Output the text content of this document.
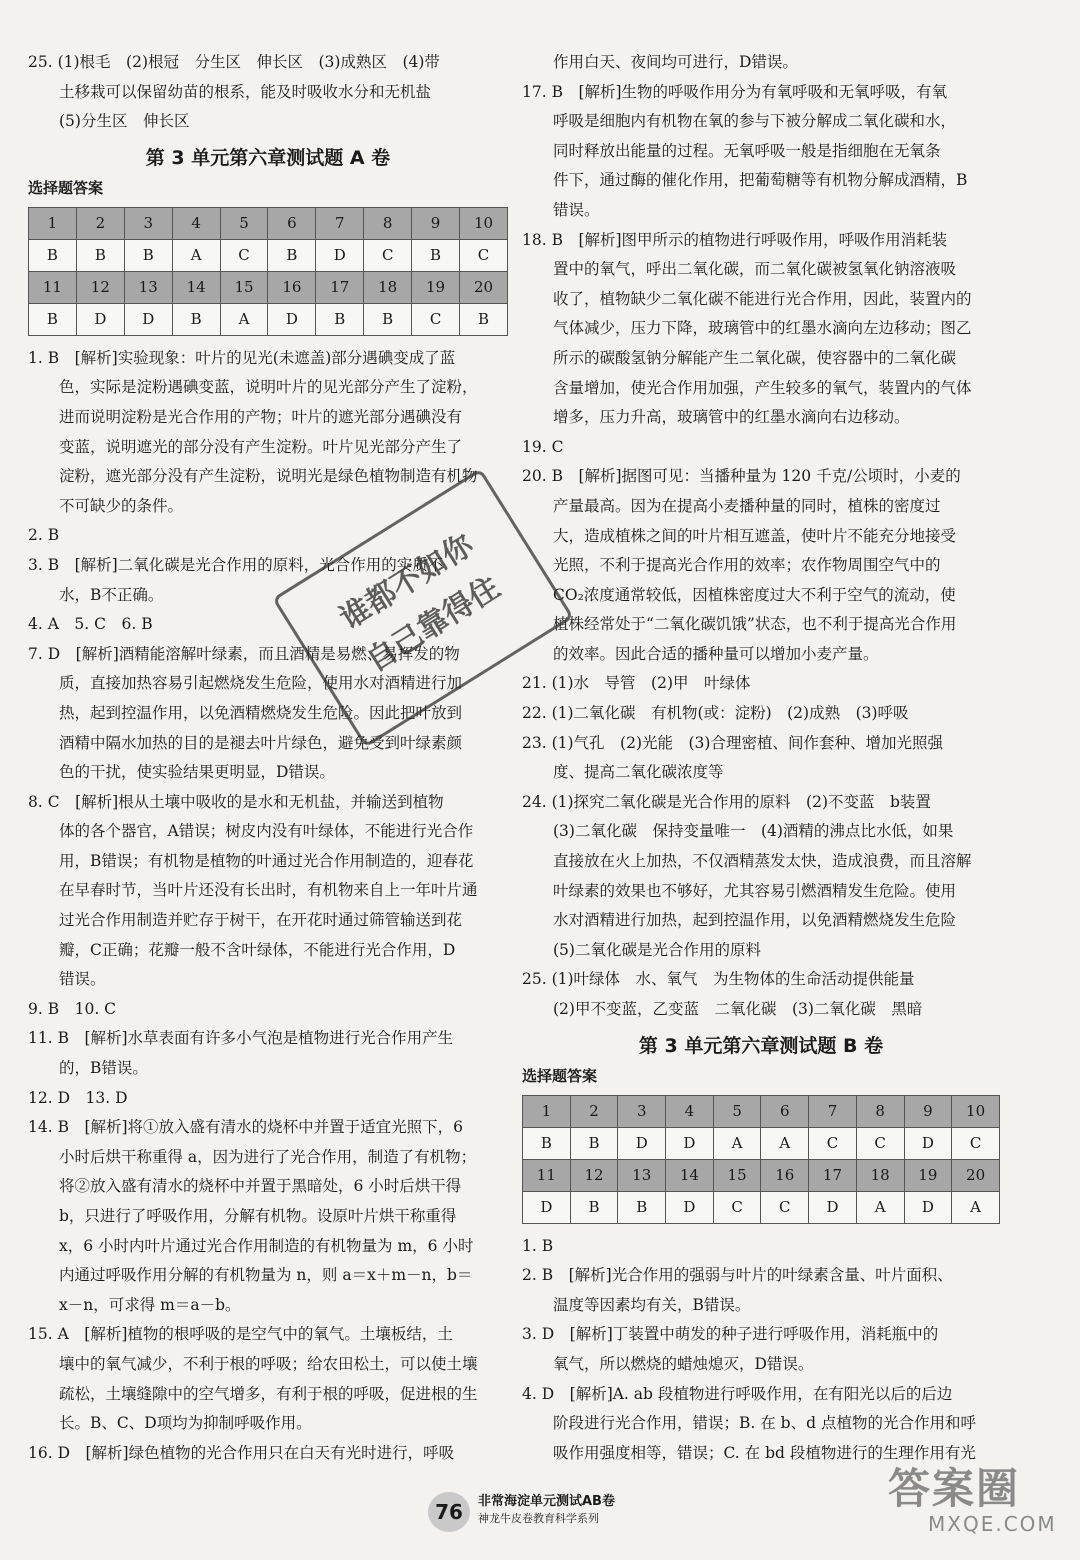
25. (1)根毛　(2)根冠　分生区　伸长区　(3)成熟区　(4)带

　　土移栽可以保留幼苗的根系，能及时吸收水分和无机盐

　　(5)分生区　伸长区

第 3 单元第六章测试题 A 卷
选择题答案
1	2	3	4	5	6	7	8	9	10
B	B	B	A	C	B	D	C	B	C
11	12	13	14	15	16	17	18	19	20
B	D	D	B	A	D	B	B	C	B

1. B　[解析]实验现象：叶片的见光(未遮盖)部分遇碘变成了蓝

　　色，实际是淀粉遇碘变蓝，说明叶片的见光部分产生了淀粉，

　　进而说明淀粉是光合作用的产物；叶片的遮光部分遇碘没有

　　变蓝，说明遮光的部分没有产生淀粉。叶片见光部分产生了

　　淀粉，遮光部分没有产生淀粉，说明光是绿色植物制造有机物

　　不可缺少的条件。

2. B

3. B　[解析]二氧化碳是光合作用的原料，光合作用的实质不

　　水，B不正确。

4. A　5. C　6. B

7. D　[解析]酒精能溶解叶绿素，而且酒精是易燃、易挥发的物

　　质，直接加热容易引起燃烧发生危险，使用水对酒精进行加

　　热，起到控温作用，以免酒精燃烧发生危险。因此把叶放到

　　酒精中隔水加热的目的是褪去叶片绿色，避免受到叶绿素颜

　　色的干扰，使实验结果更明显，D错误。

8. C　[解析]根从土壤中吸收的是水和无机盐，并输送到植物

　　体的各个器官，A错误；树皮内没有叶绿体，不能进行光合作

　　用，B错误；有机物是植物的叶通过光合作用制造的，迎春花

　　在早春时节，当叶片还没有长出时，有机物来自上一年叶片通

　　过光合作用制造并贮存于树干，在开花时通过筛管输送到花

　　瓣，C正确；花瓣一般不含叶绿体，不能进行光合作用，D

　　错误。

9. B　10. C

11. B　[解析]水草表面有许多小气泡是植物进行光合作用产生

　　的，B错误。

12. D　13. D

14. B　[解析]将①放入盛有清水的烧杯中并置于适宜光照下，6

　　小时后烘干称重得 a，因为进行了光合作用，制造了有机物；

　　将②放入盛有清水的烧杯中并置于黑暗处，6 小时后烘干得

　　b，只进行了呼吸作用，分解有机物。设原叶片烘干称重得

　　x，6 小时内叶片通过光合作用制造的有机物量为 m，6 小时

　　内通过呼吸作用分解的有机物量为 n，则 a＝x＋m－n，b＝

　　x－n，可求得 m＝a－b。

15. A　[解析]植物的根呼吸的是空气中的氧气。土壤板结，土

　　壤中的氧气减少，不利于根的呼吸；给农田松土，可以使土壤

　　疏松，土壤缝隙中的空气增多，有利于根的呼吸，促进根的生

　　长。B、C、D项均为抑制呼吸作用。

16. D　[解析]绿色植物的光合作用只在白天有光时进行，呼吸

　　作用白天、夜间均可进行，D错误。

17. B　[解析]生物的呼吸作用分为有氧呼吸和无氧呼吸，有氧

　　呼吸是细胞内有机物在氧的参与下被分解成二氧化碳和水，

　　同时释放出能量的过程。无氧呼吸一般是指细胞在无氧条

　　件下，通过酶的催化作用，把葡萄糖等有机物分解成酒精，B

　　错误。

18. B　[解析]图甲所示的植物进行呼吸作用，呼吸作用消耗装

　　置中的氧气，呼出二氧化碳，而二氧化碳被氢氧化钠溶液吸

　　收了，植物缺少二氧化碳不能进行光合作用，因此，装置内的

　　气体减少，压力下降，玻璃管中的红墨水滴向左边移动；图乙

　　所示的碳酸氢钠分解能产生二氧化碳，使容器中的二氧化碳

　　含量增加，使光合作用加强，产生较多的氧气，装置内的气体

　　增多，压力升高，玻璃管中的红墨水滴向右边移动。

19. C

20. B　[解析]据图可见：当播种量为 120 千克/公顷时，小麦的

　　产量最高。因为在提高小麦播种量的同时，植株的密度过

　　大，造成植株之间的叶片相互遮盖，使叶片不能充分地接受

　　光照，不利于提高光合作用的效率；农作物周围空气中的

　　CO₂浓度通常较低，因植株密度过大不利于空气的流动，使

　　植株经常处于“二氧化碳饥饿”状态，也不利于提高光合作用

　　的效率。因此合适的播种量可以增加小麦产量。

21. (1)水　导管　(2)甲　叶绿体

22. (1)二氧化碳　有机物(或：淀粉)　(2)成熟　(3)呼吸

23. (1)气孔　(2)光能　(3)合理密植、间作套种、增加光照强

　　度、提高二氧化碳浓度等

24. (1)探究二氧化碳是光合作用的原料　(2)不变蓝　b装置

　　(3)二氧化碳　保持变量唯一　(4)酒精的沸点比水低，如果

　　直接放在火上加热，不仅酒精蒸发太快，造成浪费，而且溶解

　　叶绿素的效果也不够好，尤其容易引燃酒精发生危险。使用

　　水对酒精进行加热，起到控温作用，以免酒精燃烧发生危险

　　(5)二氧化碳是光合作用的原料

25. (1)叶绿体　水、氧气　为生物体的生命活动提供能量

　　(2)甲不变蓝，乙变蓝　二氧化碳　(3)二氧化碳　黑暗

第 3 单元第六章测试题 B 卷
选择题答案
1	2	3	4	5	6	7	8	9	10
B	B	D	D	A	A	C	C	D	C
11	12	13	14	15	16	17	18	19	20
D	B	B	D	C	C	D	A	D	A

1. B

2. B　[解析]光合作用的强弱与叶片的叶绿素含量、叶片面积、

　　温度等因素均有关，B错误。

3. D　[解析]丁装置中萌发的种子进行呼吸作用，消耗瓶中的

　　氧气，所以燃烧的蜡烛熄灭，D错误。

4. D　[解析]A. ab 段植物进行呼吸作用，在有阳光以后的后边

　　阶段进行光合作用，错误；B. 在 b、d 点植物的光合作用和呼

　　吸作用强度相等，错误；C. 在 bd 段植物进行的生理作用有光

谁都不如你
自己靠得住
76	非常海淀单元测试AB卷
神龙牛皮卷教育科学系列
答案圈
MXQE.COM
